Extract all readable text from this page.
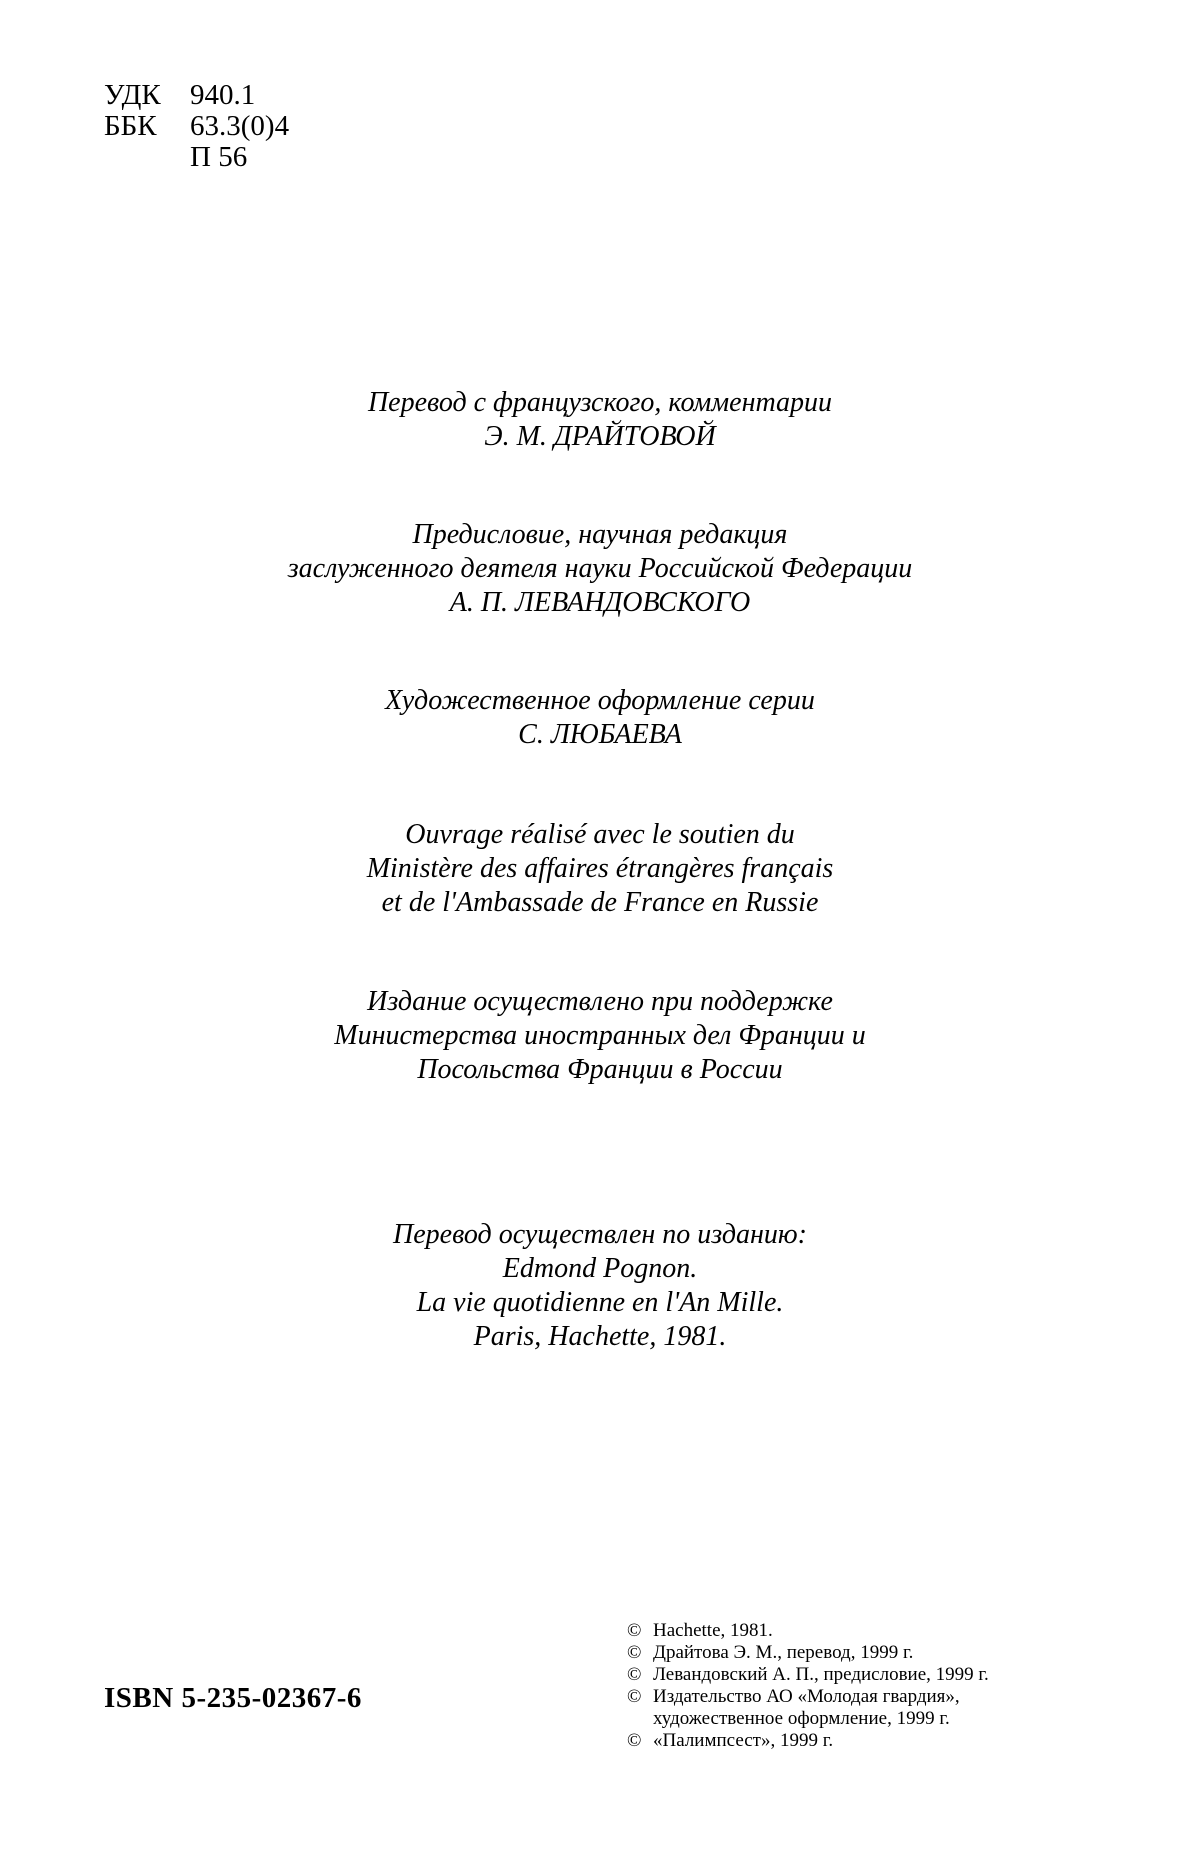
УДК	940.1
ББК	63.3(0)4
П 56
Перевод с французского, комментарии
Э. М. ДРАЙТОВОЙ
Предисловие, научная редакция
заслуженного деятеля науки Российской Федерации
А. П. ЛЕВАНДОВСКОГО
Художественное оформление серии
С. ЛЮБАЕВА
Ouvrage réalisé avec le soutien du
Ministère des affaires étrangères français
et de l'Ambassade de France en Russie
Издание осуществлено при поддержке
Министерства иностранных дел Франции и
Посольства Франции в России
Перевод осуществлен по изданию:
Edmond Pognon.
La vie quotidienne en l'An Mille.
Paris, Hachette, 1981.
ISBN 5-235-02367-6
© Hachette, 1981.
© Драйтова Э. М., перевод, 1999 г.
© Левандовский А. П., предисловие, 1999 г.
© Издательство АО «Молодая гвардия»,
художественное оформление, 1999 г.
© «Палимпсест», 1999 г.
